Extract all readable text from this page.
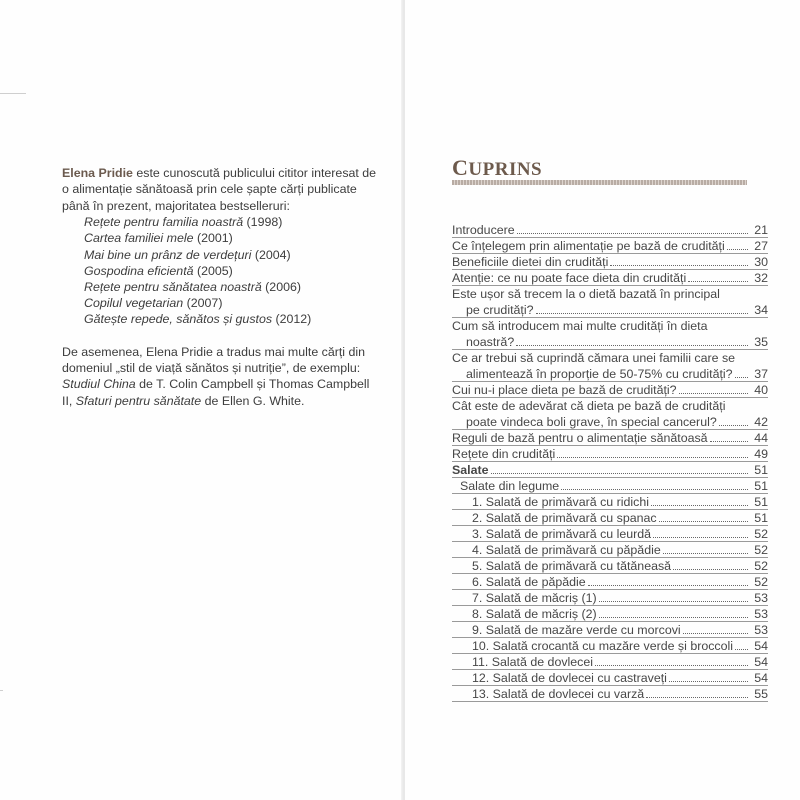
Elena Pridie este cunoscută publicului cititor interesat de o alimentație sănătoasă prin cele șapte cărți publicate până în prezent, majoritatea bestselleruri:

Rețete pentru familia noastră (1998)
Cartea familiei mele (2001)
Mai bine un prânz de verdețuri (2004)
Gospodina eficientă (2005)
Rețete pentru sănătatea noastră (2006)
Copilul vegetarian (2007)
Gătește repede, sănătos și gustos (2012)

De asemenea, Elena Pridie a tradus mai multe cărți din domeniul „stil de viață sănătos și nutriție”, de exemplu: Studiul China de T. Colin Campbell și Thomas Campbell II, Sfaturi pentru sănătate de Ellen G. White.

CUPRINS
Introducere	21
Ce înțelegem prin alimentație pe bază de crudități	27
Beneficiile dietei din crudități	30
Atenție: ce nu poate face dieta din crudități	32
Este ușor să trecem la o dietă bazată în principal
pe crudități?	34
Cum să introducem mai multe crudități în dieta
noastră?	35
Ce ar trebui să cuprindă cămara unei familii care se
alimentează în proporție de 50-75% cu crudități?	37
Cui nu-i place dieta pe bază de crudități?	40
Cât este de adevărat că dieta pe bază de crudități
poate vindeca boli grave, în special cancerul?	42
Reguli de bază pentru o alimentație sănătoasă	44
Rețete din crudități	49
Salate	51
Salate din legume	51
1. Salată de primăvară cu ridichi	51
2. Salată de primăvară cu spanac	51
3. Salată de primăvară cu leurdă	52
4. Salată de primăvară cu păpădie	52
5. Salată de primăvară cu tătăneasă	52
6. Salată de păpădie	52
7. Salată de măcriș (1)	53
8. Salată de măcriș (2)	53
9. Salată de mazăre verde cu morcovi	53
10. Salată crocantă cu mazăre verde și broccoli	54
11. Salată de dovlecei	54
12. Salată de dovlecei cu castraveți	54
13. Salată de dovlecei cu varză	55
